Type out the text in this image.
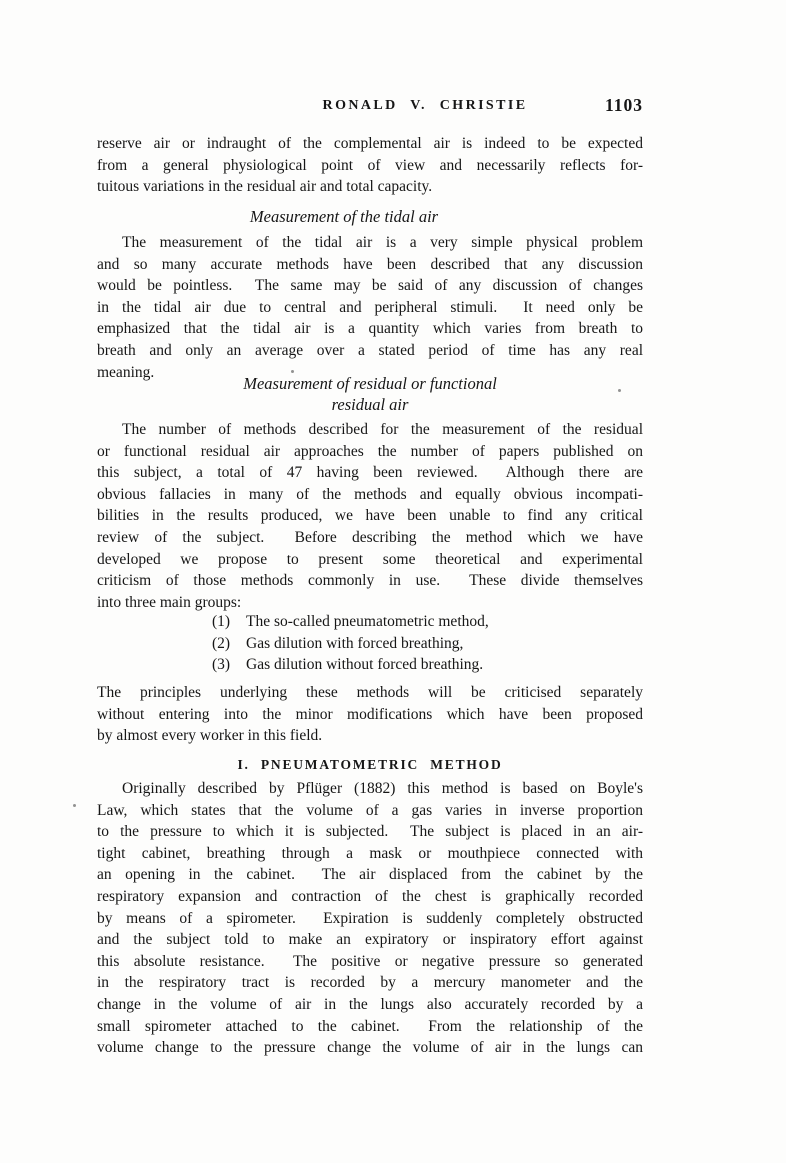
RONALD V. CHRISTIE	1103
reserve air or indraught of the complemental air is indeed to be expected
from a general physiological point of view and necessarily reflects for-
tuitous variations in the residual air and total capacity.
Measurement of the tidal air
The measurement of the tidal air is a very simple physical problem
and so many accurate methods have been described that any discussion
would be pointless.  The same may be said of any discussion of changes
in the tidal air due to central and peripheral stimuli.  It need only be
emphasized that the tidal air is a quantity which varies from breath to
breath and only an average over a stated period of time has any real
meaning.
Measurement of residual or functional
residual air
The number of methods described for the measurement of the residual
or functional residual air approaches the number of papers published on
this subject, a total of 47 having been reviewed.  Although there are
obvious fallacies in many of the methods and equally obvious incompati-
bilities in the results produced, we have been unable to find any critical
review of the subject.  Before describing the method which we have
developed we propose to present some theoretical and experimental
criticism of those methods commonly in use.  These divide themselves
into three main groups:
(1) The so-called pneumatometric method,
(2) Gas dilution with forced breathing,
(3) Gas dilution without forced breathing.
The principles underlying these methods will be criticised separately
without entering into the minor modifications which have been proposed
by almost every worker in this field.
I. PNEUMATOMETRIC METHOD
Originally described by Pflüger (1882) this method is based on Boyle's
Law, which states that the volume of a gas varies in inverse proportion
to the pressure to which it is subjected.  The subject is placed in an air-
tight cabinet, breathing through a mask or mouthpiece connected with
an opening in the cabinet.  The air displaced from the cabinet by the
respiratory expansion and contraction of the chest is graphically recorded
by means of a spirometer.  Expiration is suddenly completely obstructed
and the subject told to make an expiratory or inspiratory effort against
this absolute resistance.  The positive or negative pressure so generated
in the respiratory tract is recorded by a mercury manometer and the
change in the volume of air in the lungs also accurately recorded by a
small spirometer attached to the cabinet.  From the relationship of the
volume change to the pressure change the volume of air in the lungs can
